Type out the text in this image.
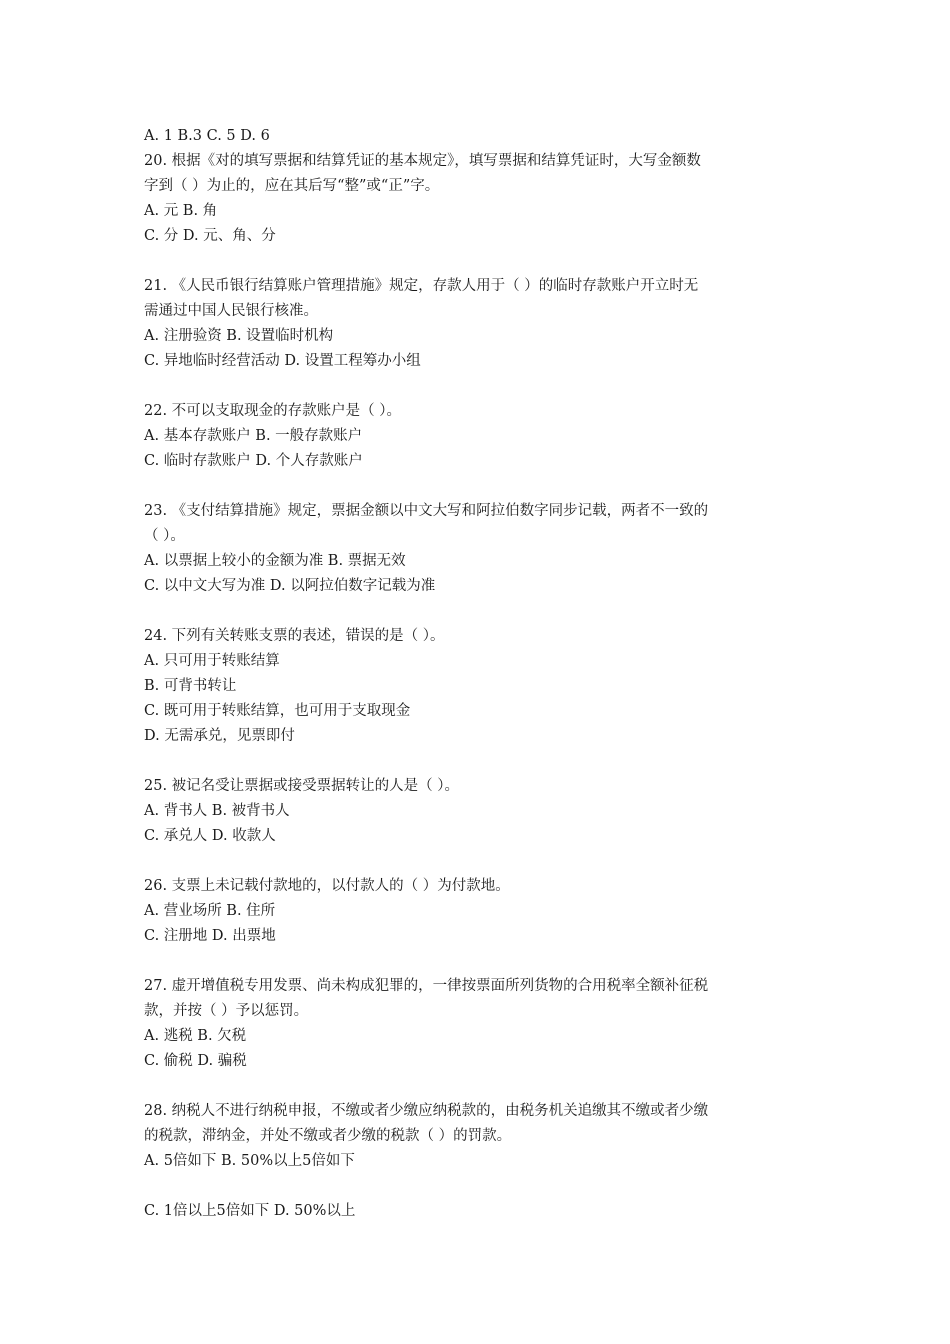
A. 1 B.3 C. 5 D. 6
20. 根据《对的填写票据和结算凭证的基本规定》，填写票据和结算凭证时，大写金额数
字到（ ）为止的，应在其后写“整”或“正”字。
A. 元 B. 角
C. 分 D. 元、角、分
21. 《人民币银行结算账户管理措施》规定，存款人用于（ ）的临时存款账户开立时无
需通过中国人民银行核准。
A. 注册验资 B. 设置临时机构
C. 异地临时经营活动 D. 设置工程筹办小组
22. 不可以支取现金的存款账户是（ ）。
A. 基本存款账户 B. 一般存款账户
C. 临时存款账户 D. 个人存款账户
23. 《支付结算措施》规定，票据金额以中文大写和阿拉伯数字同步记载，两者不一致的
（ ）。
A. 以票据上较小的金额为准 B. 票据无效
C. 以中文大写为准 D. 以阿拉伯数字记载为准
24. 下列有关转账支票的表述，错误的是（ ）。
A. 只可用于转账结算
B. 可背书转让
C. 既可用于转账结算，也可用于支取现金
D. 无需承兑，见票即付
25. 被记名受让票据或接受票据转让的人是（ ）。
A. 背书人 B. 被背书人
C. 承兑人 D. 收款人
26. 支票上未记载付款地的，以付款人的（ ）为付款地。
A. 营业场所 B. 住所
C. 注册地 D. 出票地
27. 虚开增值税专用发票、尚未构成犯罪的，一律按票面所列货物的合用税率全额补征税
款，并按（ ）予以惩罚。
A. 逃税 B. 欠税
C. 偷税 D. 骗税
28. 纳税人不进行纳税申报，不缴或者少缴应纳税款的，由税务机关追缴其不缴或者少缴
的税款，滞纳金，并处不缴或者少缴的税款（ ）的罚款。
A. 5倍如下 B. 50%以上5倍如下
C. 1倍以上5倍如下 D. 50%以上
